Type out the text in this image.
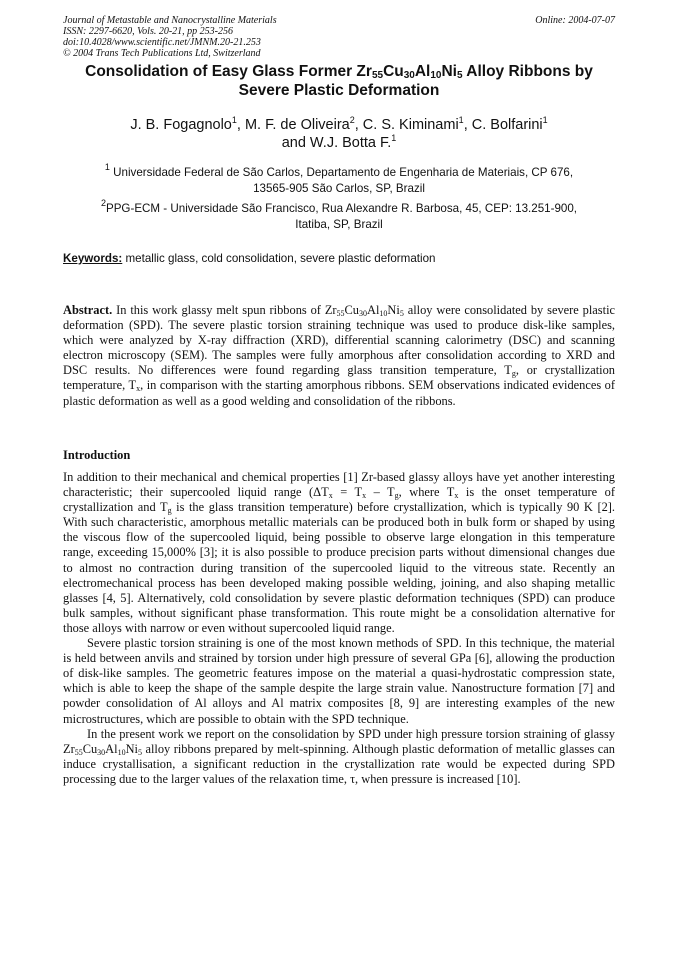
Journal of Metastable and Nanocrystalline Materials
ISSN: 2297-6620, Vols. 20-21, pp 253-256
doi:10.4028/www.scientific.net/JMNM.20-21.253
© 2004 Trans Tech Publications Ltd, Switzerland
Online: 2004-07-07
Consolidation of Easy Glass Former $Zr_{55}Cu_{30}Al_{10}Ni_5$ Alloy Ribbons by
Severe Plastic Deformation
J. B. Fogagnolo$^1$, M. F. de Oliveira$^2$, C. S. Kiminami$^1$, C. Bolfarini$^1$
and W.J. Botta F.$^1$
$^1$ Universidade Federal de São Carlos, Departamento de Engenharia de Materiais, CP 676,
13565-905 São Carlos, SP, Brazil
$^2$PPG-ECM - Universidade São Francisco, Rua Alexandre R. Barbosa, 45, CEP: 13.251-900,
Itatiba, SP, Brazil
Keywords: metallic glass, cold consolidation, severe plastic deformation

Abstract. In this work glassy melt spun ribbons of $Zr_{55}Cu_{30}Al_{10}Ni_5$ alloy were consolidated by severe plastic deformation (SPD). The severe plastic torsion straining technique was used to produce disk-like samples, which were analyzed by X-ray diffraction (XRD), differential scanning calorimetry (DSC) and scanning electron microscopy (SEM). The samples were fully amorphous after consolidation according to XRD and DSC results. No differences were found regarding glass transition temperature, $T_g$, or crystallization temperature, $T_x$, in comparison with the starting amorphous ribbons. SEM observations indicated evidences of plastic deformation as well as a good welding and consolidation of the ribbons.

Introduction

In addition to their mechanical and chemical properties [1] Zr-based glassy alloys have yet another interesting characteristic; their supercooled liquid range ($\Delta T_x = T_x - T_g$, where $T_x$ is the onset temperature of crystallization and $T_g$ is the glass transition temperature) before crystallization, which is typically 90 K [2]. With such characteristic, amorphous metallic materials can be produced both in bulk form or shaped by using the viscous flow of the supercooled liquid, being possible to observe large elongation in this temperature range, exceeding 15,000% [3]; it is also possible to produce precision parts without dimensional changes due to almost no contraction during transition of the supercooled liquid to the vitreous state. Recently an electromechanical process has been developed making possible welding, joining, and also shaping metallic glasses [4, 5]. Alternatively, cold consolidation by severe plastic deformation techniques (SPD) can produce bulk samples, without significant phase transformation. This route might be a consolidation alternative for those alloys with narrow or even without supercooled liquid range.

Severe plastic torsion straining is one of the most known methods of SPD. In this technique, the material is held between anvils and strained by torsion under high pressure of several GPa [6], allowing the production of disk-like samples. The geometric features impose on the material a quasi-hydrostatic compression state, which is able to keep the shape of the sample despite the large strain value. Nanostructure formation [7] and powder consolidation of Al alloys and Al matrix composites [8, 9] are interesting examples of the new microstructures, which are possible to obtain with the SPD technique.

In the present work we report on the consolidation by SPD under high pressure torsion straining of glassy $Zr_{55}Cu_{30}Al_{10}Ni_5$ alloy ribbons prepared by melt-spinning. Although plastic deformation of metallic glasses can induce crystallisation, a significant reduction in the crystallization rate would be expected during SPD processing due to the larger values of the relaxation time, τ, when pressure is increased [10].
